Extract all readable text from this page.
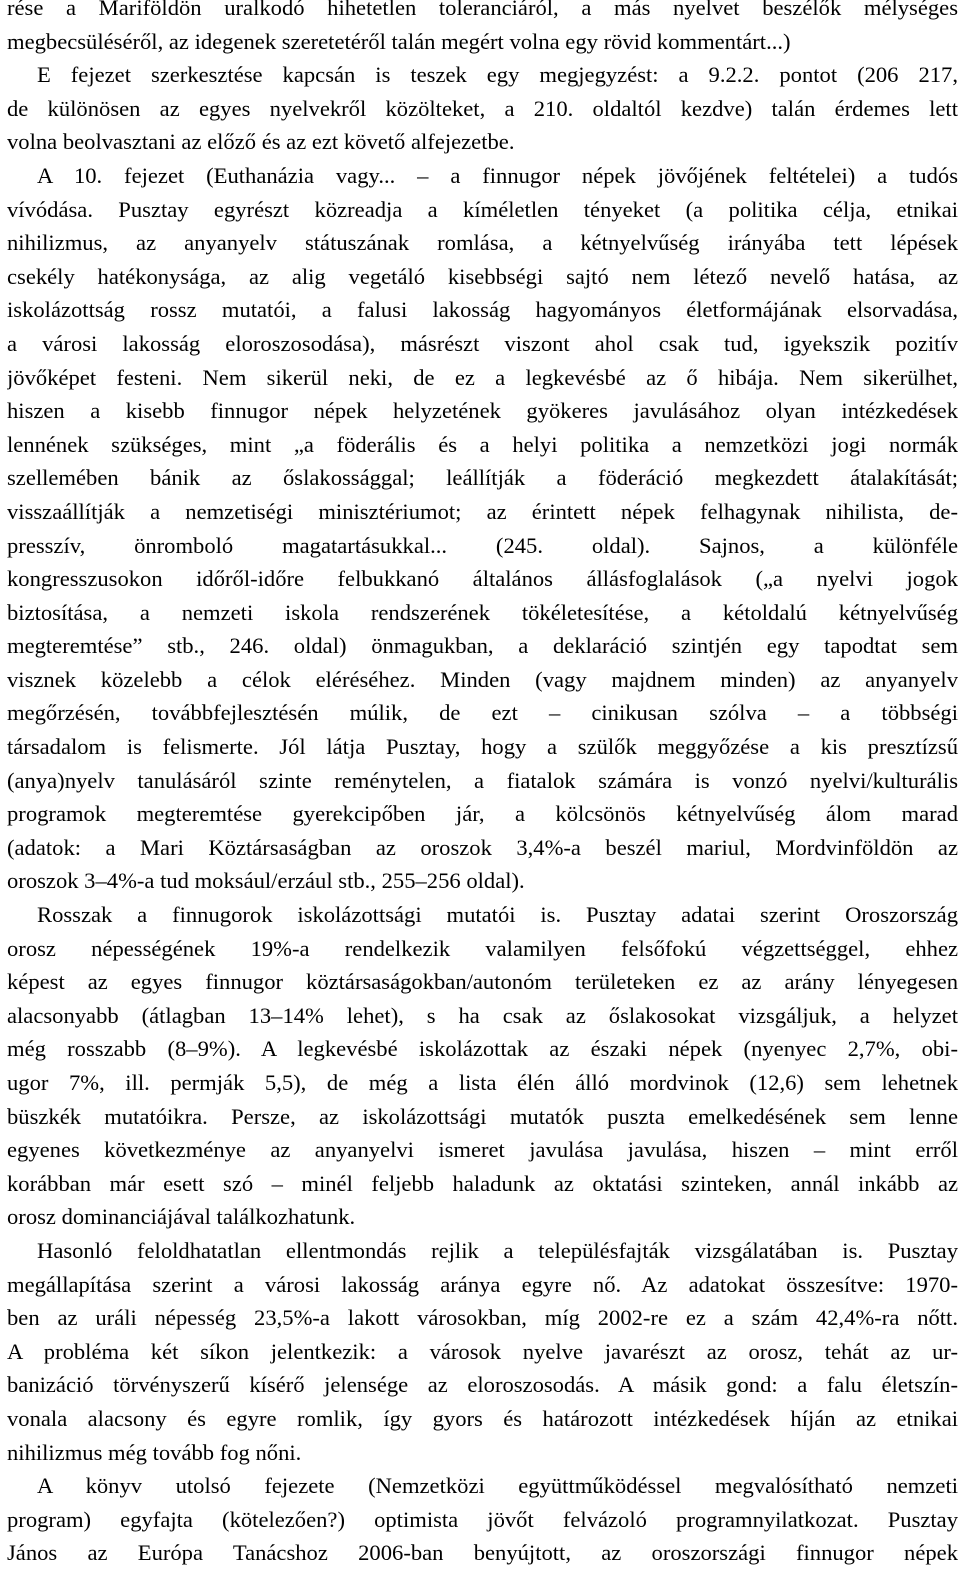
rése a Mariföldön uralkodó hihetetlen toleranciáról, a más nyelvet beszélők mélységes
megbecsüléséről, az idegenek szeretetéről talán megért volna egy rövid kommentárt...)
E fejezet szerkesztése kapcsán is teszek egy megjegyzést: a 9.2.2. pontot (206 217,
de különösen az egyes nyelvekről közölteket, a 210. oldaltól kezdve) talán érdemes lett
volna beolvasztani az előző és az ezt követő alfejezetbe.
A 10. fejezet (Euthanázia vagy... – a finnugor népek jövőjének feltételei) a tudós
vívódása. Pusztay egyrészt közreadja a kíméletlen tényeket (a politika célja, etnikai
nihilizmus, az anyanyelv státuszának romlása, a kétnyelvűség irányába tett lépések
csekély hatékonysága, az alig vegetáló kisebbségi sajtó nem létező nevelő hatása, az
iskolázottság rossz mutatói, a falusi lakosság hagyományos életformájának elsorvadása,
a városi lakosság eloroszosodása), másrészt viszont ahol csak tud, igyekszik pozitív
jövőképet festeni. Nem sikerül neki, de ez a legkevésbé az ő hibája. Nem sikerülhet,
hiszen a kisebb finnugor népek helyzetének gyökeres javulásához olyan intézkedések
lennének szükséges, mint „a föderális és a helyi politika a nemzetközi jogi normák
szellemében bánik az őslakossággal; leállítják a föderáció megkezdett átalakítását;
visszaállítják a nemzetiségi minisztériumot; az érintett népek felhagynak nihilista, de-
presszív, önromboló magatartásukkal... (245. oldal). Sajnos, a különféle
kongresszusokon időről-időre felbukkanó általános állásfoglalások („a nyelvi jogok
biztosítása, a nemzeti iskola rendszerének tökéletesítése, a kétoldalú kétnyelvűség
megteremtése” stb., 246. oldal) önmagukban, a deklaráció szintjén egy tapodtat sem
visznek közelebb a célok eléréséhez. Minden (vagy majdnem minden) az anyanyelv
megőrzésén, továbbfejlesztésén múlik, de ezt – cinikusan szólva – a többségi
társadalom is felismerte. Jól látja Pusztay, hogy a szülők meggyőzése a kis presztízsű
(anya)nyelv tanulásáról szinte reménytelen, a fiatalok számára is vonzó nyelvi/kulturális
programok megteremtése gyerekcipőben jár, a kölcsönös kétnyelvűség álom marad
(adatok: a Mari Köztársaságban az oroszok 3,4%-a beszél mariul, Mordvinföldön az
oroszok 3–4%-a tud moksául/erzául stb., 255–256 oldal).
Rosszak a finnugorok iskolázottsági mutatói is. Pusztay adatai szerint Oroszország
orosz népességének 19%-a rendelkezik valamilyen felsőfokú végzettséggel, ehhez
képest az egyes finnugor köztársaságokban/autonóm területeken ez az arány lényegesen
alacsonyabb (átlagban 13–14% lehet), s ha csak az őslakosokat vizsgáljuk, a helyzet
még rosszabb (8–9%). A legkevésbé iskolázottak az északi népek (nyenyec 2,7%, obi-
ugor 7%, ill. permják 5,5), de még a lista élén álló mordvinok (12,6) sem lehetnek
büszkék mutatóikra. Persze, az iskolázottsági mutatók puszta emelkedésének sem lenne
egyenes következménye az anyanyelvi ismeret javulása javulása, hiszen – mint erről
korábban már esett szó – minél feljebb haladunk az oktatási szinteken, annál inkább az
orosz dominanciájával találkozhatunk.
Hasonló feloldhatatlan ellentmondás rejlik a településfajták vizsgálatában is. Pusztay
megállapítása szerint a városi lakosság aránya egyre nő. Az adatokat összesítve: 1970-
ben az uráli népesség 23,5%-a lakott városokban, míg 2002-re ez a szám 42,4%-ra nőtt.
A probléma két síkon jelentkezik: a városok nyelve javarészt az orosz, tehát az ur-
banizáció törvényszerű kísérő jelensége az eloroszosodás. A másik gond: a falu életszín-
vonala alacsony és egyre romlik, így gyors és határozott intézkedések híján az etnikai
nihilizmus még tovább fog nőni.
A könyv utolsó fejezete (Nemzetközi együttműködéssel megvalósítható nemzeti
program) egyfajta (kötelezően?) optimista jövőt felvázoló programnyilatkozat. Pusztay
János az Európa Tanácshoz 2006-ban benyújtott, az oroszországi finnugor népek
